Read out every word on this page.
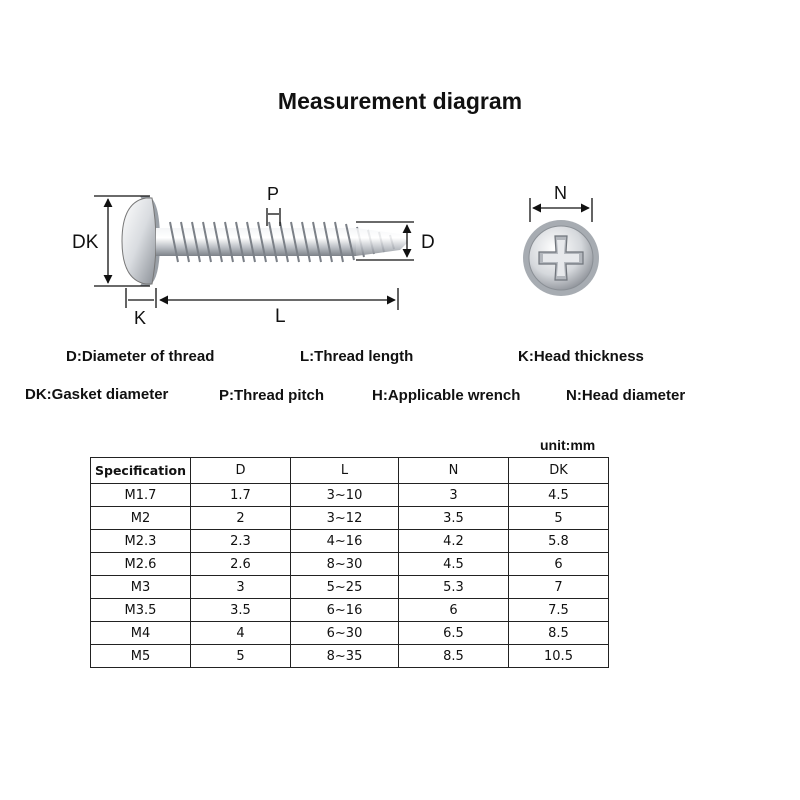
Measurement diagram
DK
K
P
L
D
N
D:Diameter of thread	L:Thread length	K:Head thickness
DK:Gasket diameter	P:Thread pitch	H:Applicable wrench	N:Head diameter
unit:mm
Specification	D	L	N	DK
M1.7	1.7	3~10	3	4.5
M2	2	3~12	3.5	5
M2.3	2.3	4~16	4.2	5.8
M2.6	2.6	8~30	4.5	6
M3	3	5~25	5.3	7
M3.5	3.5	6~16	6	7.5
M4	4	6~30	6.5	8.5
M5	5	8~35	8.5	10.5
